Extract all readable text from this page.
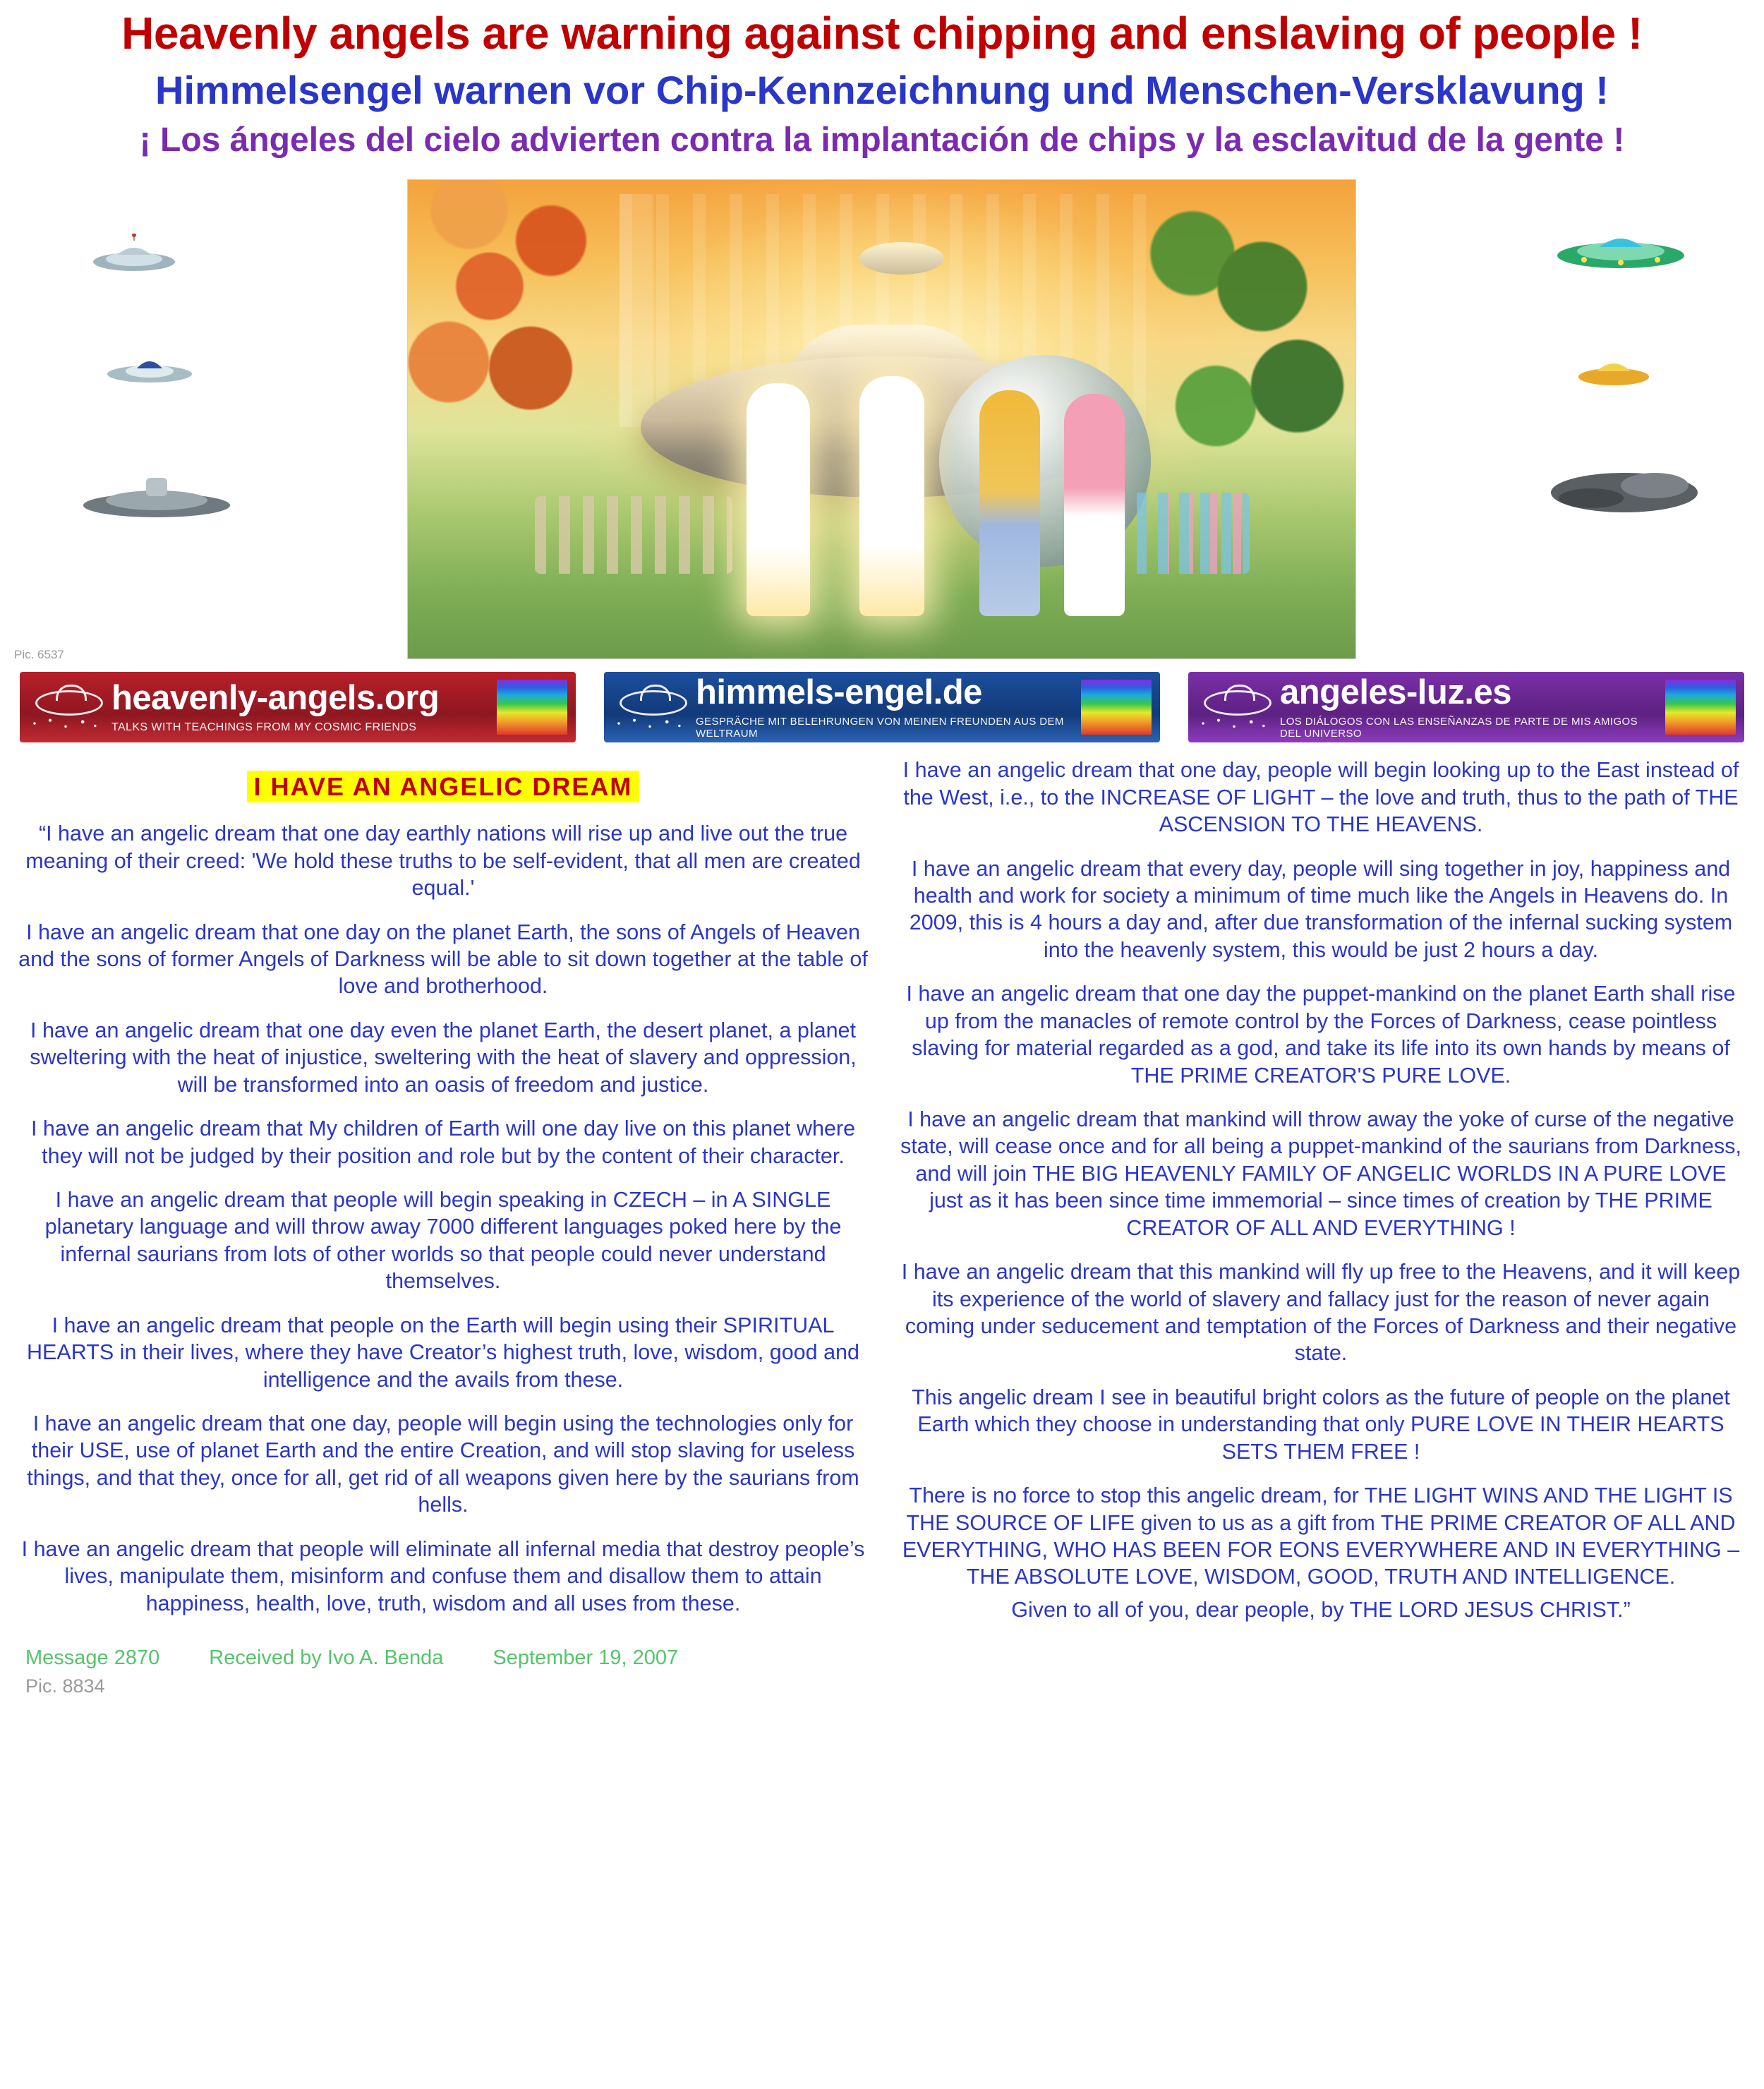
Heavenly angels are warning against chipping and enslaving of people !
Himmelsengel warnen vor Chip-Kennzeichnung und Menschen-Versklavung !
¡ Los ángeles del cielo advierten contra la implantación de chips y la esclavitud de la gente !
Pic. 6537
heavenly-angels.org
TALKS WITH TEACHINGS FROM MY COSMIC FRIENDS
himmels-engel.de
GESPRÄCHE MIT BELEHRUNGEN VON MEINEN FREUNDEN AUS DEM WELTRAUM
angeles-luz.es
LOS DIÁLOGOS CON LAS ENSEÑANZAS DE PARTE DE MIS AMIGOS DEL UNIVERSO
I HAVE AN ANGELIC DREAM

“I have an angelic dream that one day earthly nations will rise up and live out the true meaning of their creed: 'We hold these truths to be self-evident, that all men are created equal.'

I have an angelic dream that one day on the planet Earth, the sons of Angels of Heaven and the sons of former Angels of Darkness will be able to sit down together at the table of love and brotherhood.

I have an angelic dream that one day even the planet Earth, the desert planet, a planet sweltering with the heat of injustice, sweltering with the heat of slavery and oppression, will be transformed into an oasis of freedom and justice.

I have an angelic dream that My children of Earth will one day live on this planet where they will not be judged by their position and role but by the content of their character.

I have an angelic dream that people will begin speaking in CZECH – in A SINGLE planetary language and will throw away 7000 different languages poked here by the infernal saurians from lots of other worlds so that people could never understand themselves.

I have an angelic dream that people on the Earth will begin using their SPIRITUAL HEARTS in their lives, where they have Creator’s highest truth, love, wisdom, good and intelligence and the avails from these.

I have an angelic dream that one day, people will begin using the technologies only for their USE, use of planet Earth and the entire Creation, and will stop slaving for useless things, and that they, once for all, get rid of all weapons given here by the saurians from hells.

I have an angelic dream that people will eliminate all infernal media that destroy people’s lives, manipulate them, misinform and confuse them and disallow them to attain happiness, health, love, truth, wisdom and all uses from these.

Message 2870 Received by Ivo A. Benda September 19, 2007
Pic. 8834

I have an angelic dream that one day, people will begin looking up to the East instead of the West, i.e., to the INCREASE OF LIGHT – the love and truth, thus to the path of THE ASCENSION TO THE HEAVENS.

I have an angelic dream that every day, people will sing together in joy, happiness and health and work for society a minimum of time much like the Angels in Heavens do. In 2009, this is 4 hours a day and, after due transformation of the infernal sucking system into the heavenly system, this would be just 2 hours a day.

I have an angelic dream that one day the puppet-mankind on the planet Earth shall rise up from the manacles of remote control by the Forces of Darkness, cease pointless slaving for material regarded as a god, and take its life into its own hands by means of THE PRIME CREATOR'S PURE LOVE.

I have an angelic dream that mankind will throw away the yoke of curse of the negative state, will cease once and for all being a puppet-mankind of the saurians from Darkness, and will join THE BIG HEAVENLY FAMILY OF ANGELIC WORLDS IN A PURE LOVE just as it has been since time immemorial – since times of creation by THE PRIME CREATOR OF ALL AND EVERYTHING !

I have an angelic dream that this mankind will fly up free to the Heavens, and it will keep its experience of the world of slavery and fallacy just for the reason of never again coming under seducement and temptation of the Forces of Darkness and their negative state.

This angelic dream I see in beautiful bright colors as the future of people on the planet Earth which they choose in understanding that only PURE LOVE IN THEIR HEARTS SETS THEM FREE !

There is no force to stop this angelic dream, for THE LIGHT WINS AND THE LIGHT IS THE SOURCE OF LIFE given to us as a gift from THE PRIME CREATOR OF ALL AND EVERYTHING, WHO HAS BEEN FOR EONS EVERYWHERE AND IN EVERYTHING – THE ABSOLUTE LOVE, WISDOM, GOOD, TRUTH AND INTELLIGENCE.

Given to all of you, dear people, by THE LORD JESUS CHRIST.”
